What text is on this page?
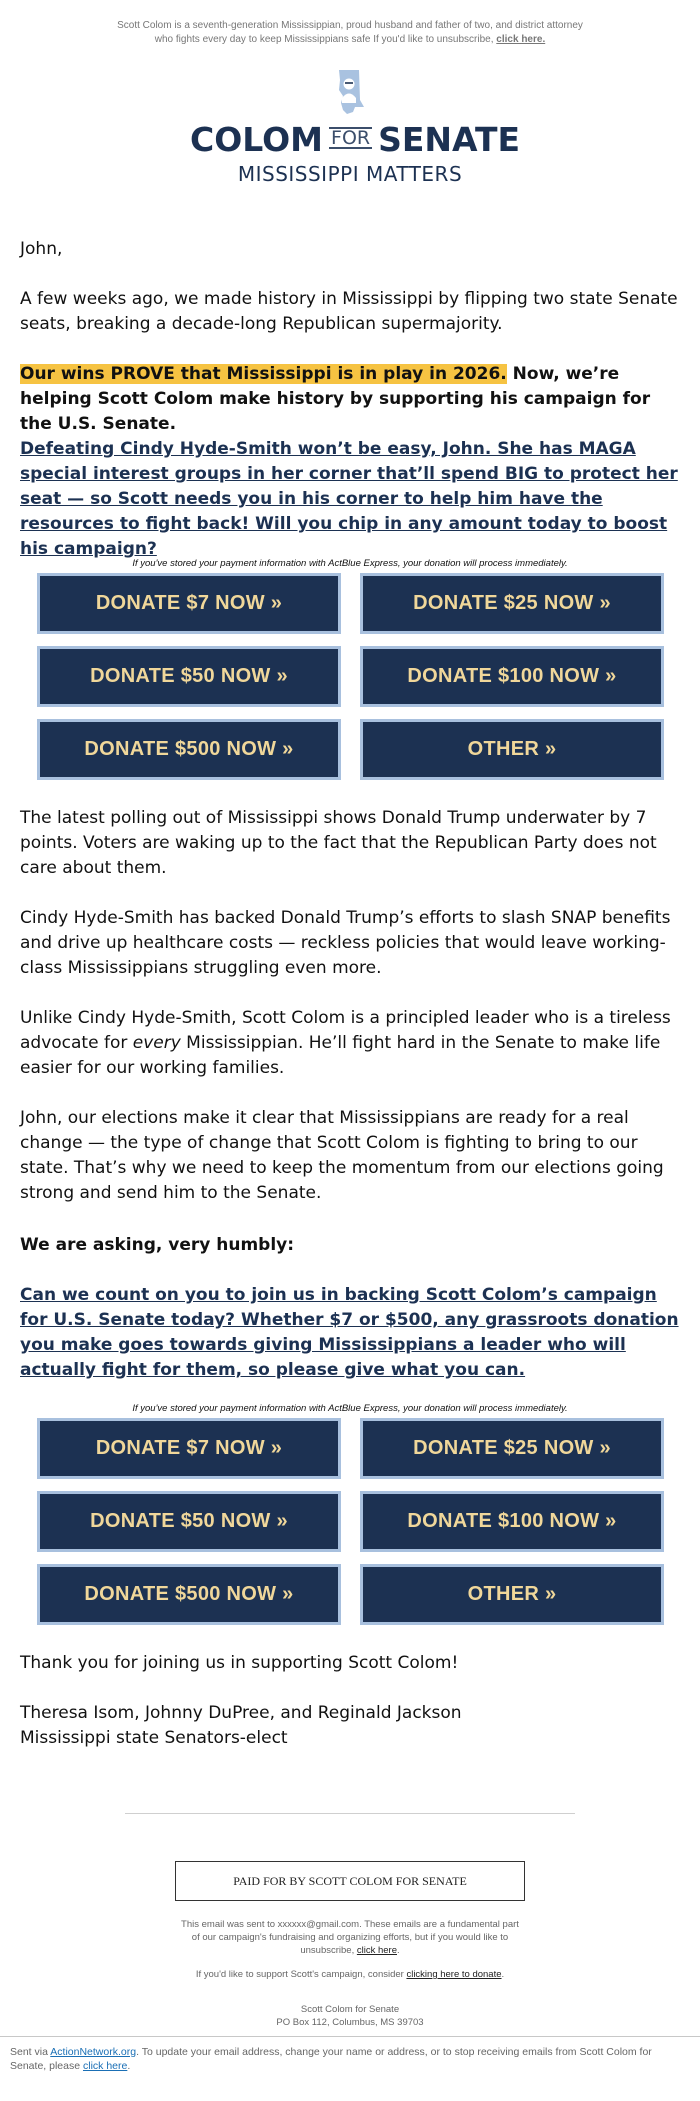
Scott Colom is a seventh-generation Mississippian, proud husband and father of two, and district attorney who fights every day to keep Mississippians safe If you'd like to unsubscribe, click here.
COLOM FOR SENATE
MISSISSIPPI MATTERS
John,
A few weeks ago, we made history in Mississippi by flipping two state Senate seats, breaking a decade-long Republican supermajority.
Our wins PROVE that Mississippi is in play in 2026. Now, we’re helping Scott Colom make history by supporting his campaign for the U.S. Senate.
Defeating Cindy Hyde-Smith won’t be easy, John. She has MAGA special interest groups in her corner that’ll spend BIG to protect her seat — so Scott needs you in his corner to help him have the resources to fight back! Will you chip in any amount today to boost his campaign?
If you've stored your payment information with ActBlue Express, your donation will process immediately.
DONATE $7 NOW »	DONATE $25 NOW »
DONATE $50 NOW »	DONATE $100 NOW »
DONATE $500 NOW »	OTHER »
The latest polling out of Mississippi shows Donald Trump underwater by 7 points. Voters are waking up to the fact that the Republican Party does not care about them.
Cindy Hyde-Smith has backed Donald Trump’s efforts to slash SNAP benefits and drive up healthcare costs — reckless policies that would leave working-class Mississippians struggling even more.
Unlike Cindy Hyde-Smith, Scott Colom is a principled leader who is a tireless advocate for every Mississippian. He’ll fight hard in the Senate to make life easier for our working families.
John, our elections make it clear that Mississippians are ready for a real change — the type of change that Scott Colom is fighting to bring to our state. That’s why we need to keep the momentum from our elections going strong and send him to the Senate.
We are asking, very humbly:
Can we count on you to join us in backing Scott Colom’s campaign for U.S. Senate today? Whether $7 or $500, any grassroots donation you make goes towards giving Mississippians a leader who will actually fight for them, so please give what you can.
If you've stored your payment information with ActBlue Express, your donation will process immediately.
DONATE $7 NOW »	DONATE $25 NOW »
DONATE $50 NOW »	DONATE $100 NOW »
DONATE $500 NOW »	OTHER »
Thank you for joining us in supporting Scott Colom!
Theresa Isom, Johnny DuPree, and Reginald Jackson
Mississippi state Senators-elect
PAID FOR BY SCOTT COLOM FOR SENATE
This email was sent to xxxxxx@gmail.com. These emails are a fundamental part of our campaign's fundraising and organizing efforts, but if you would like to unsubscribe, click here.
If you'd like to support Scott's campaign, consider clicking here to donate.
Scott Colom for Senate
PO Box 112, Columbus, MS 39703
Sent via ActionNetwork.org. To update your email address, change your name or address, or to stop receiving emails from Scott Colom for Senate, please click here.
